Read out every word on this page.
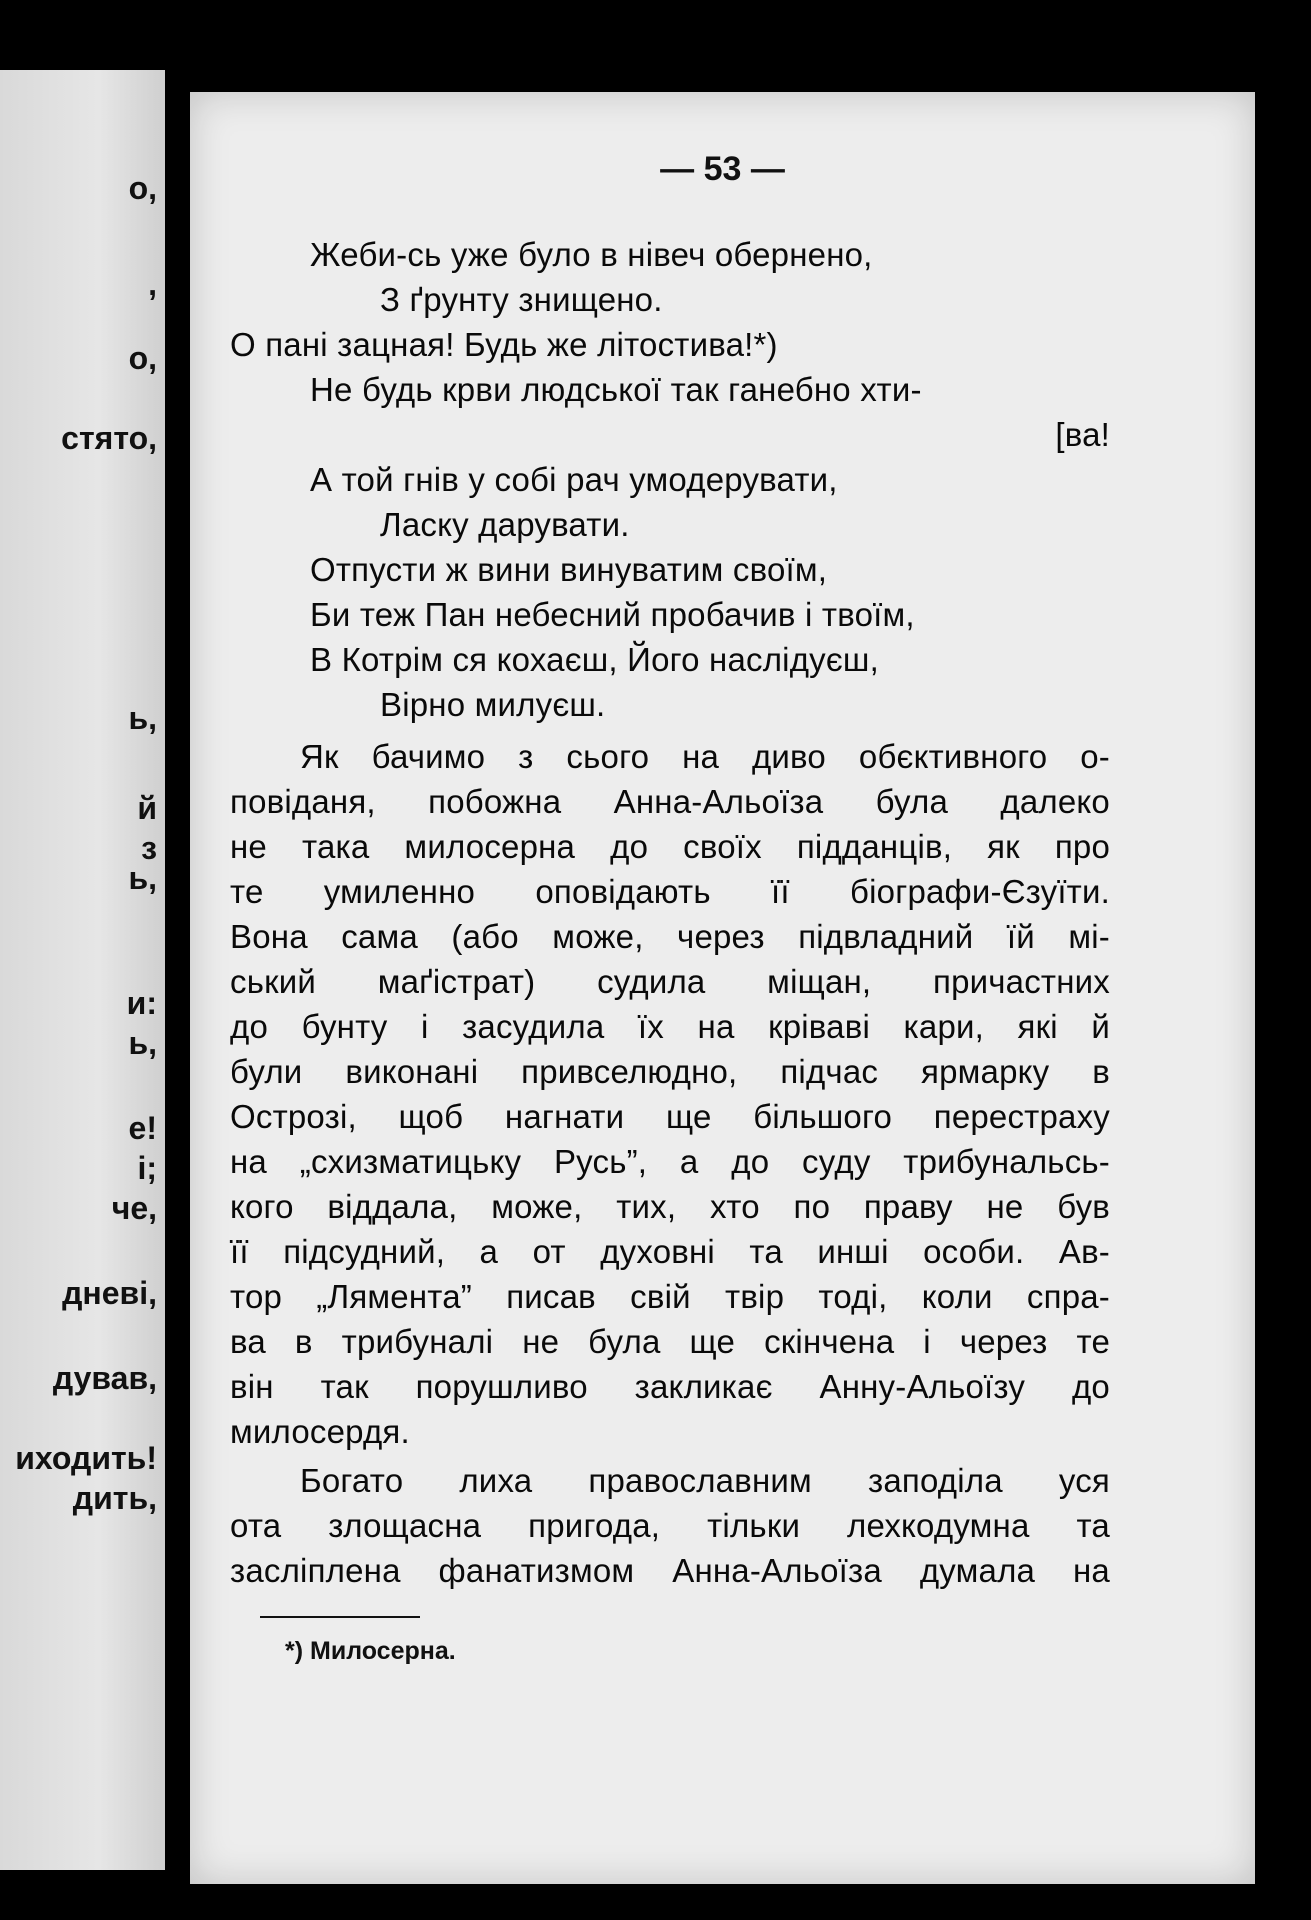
о,
,
о,
стято,
ь,
й
з
ь,
и:
ь,
е!
і;
че,
дневі,
дував,
иходить!
дить,
— 53 —
Жеби-сь уже було в нівеч обернено,
З ґрунту знищено.
О пані зацная! Будь же літостива!*)
Не будь крви людської так ганебно хти-
[ва!
А той гнів у собі рач умодерувати,
Ласку дарувати.
Отпусти ж вини винуватим своїм,
Би теж Пан небесний пробачив і твоїм,
В Котрім ся кохаєш, Його наслідуєш,
Вірно милуєш.
Як бачимо з сього на диво обєктивного о-
повіданя, побожна Анна-Альоїза була далеко
не така милосерна до своїх підданців, як про
те умиленно оповідають її біографи-Єзуїти.
Вона сама (або може, через підвладний їй мі-
ський маґістрат) судила міщан, причастних
до бунту і засудила їх на кріваві кари, які й
були виконані привселюдно, підчас ярмарку в
Острозі, щоб нагнати ще більшого перестраху
на „схизматицьку Русь”, а до суду трибунальсь-
кого віддала, може, тих, хто по праву не був
її підсудний, а от духовні та инші особи. Ав-
тор „Лямента” писав свій твір тоді, коли спра-
ва в трибуналі не була ще скінчена і через те
він так порушливо закликає Анну-Альоїзу до
милосердя.
Богато лиха православним заподіла уся
ота злощасна пригода, тільки лехкодумна та
засліплена фанатизмом Анна-Альоїза думала на
*) Милосерна.
